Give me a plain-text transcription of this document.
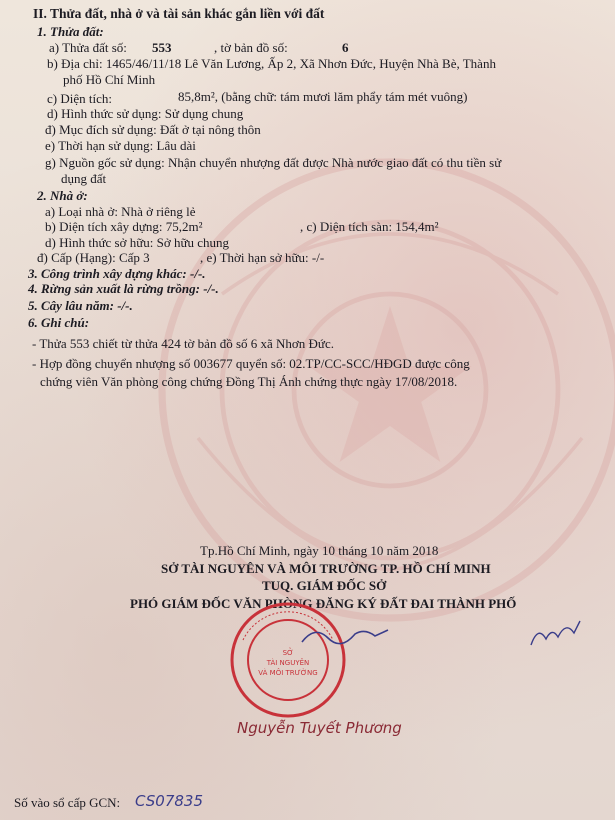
II. Thửa đất, nhà ở và tài sản khác gắn liền với đất
1. Thửa đất:
a) Thửa đất số: 553	, tờ bản đồ số:	6
b) Địa chỉ: 1465/46/11/18 Lê Văn Lương, Ấp 2, Xã Nhơn Đức, Huyện Nhà Bè, Thành
phố Hồ Chí Minh
c) Diện tích:	85,8m², (bằng chữ: tám mươi lăm phẩy tám mét vuông)
d) Hình thức sử dụng: Sử dụng chung
đ) Mục đích sử dụng: Đất ở tại nông thôn
e) Thời hạn sử dụng: Lâu dài
g) Nguồn gốc sử dụng: Nhận chuyển nhượng đất được Nhà nước giao đất có thu tiền sử
dụng đất
2. Nhà ở:
a) Loại nhà ở: Nhà ở riêng lẻ
b) Diện tích xây dựng: 75,2m²	, c) Diện tích sàn: 154,4m²
d) Hình thức sở hữu: Sở hữu chung
đ) Cấp (Hạng): Cấp 3	, e) Thời hạn sở hữu: -/-
3. Công trình xây dựng khác: -/-.
4. Rừng sản xuất là rừng trồng: -/-.
5. Cây lâu năm: -/-.
6. Ghi chú:
- Thửa 553 chiết từ thửa 424 tờ bản đồ số 6 xã Nhơn Đức.
- Hợp đồng chuyển nhượng số 003677 quyển số: 02.TP/CC-SCC/HĐGD được công
chứng viên Văn phòng công chứng Đồng Thị Ánh chứng thực ngày 17/08/2018.
Tp.Hồ Chí Minh, ngày 10 tháng 10 năm 2018
SỞ TÀI NGUYÊN VÀ MÔI TRƯỜNG TP. HỒ CHÍ MINH
TUQ. GIÁM ĐỐC SỞ
PHÓ GIÁM ĐỐC VĂN PHÒNG ĐĂNG KÝ ĐẤT ĐAI THÀNH PHỐ
SỞ
TÀI NGUYÊN
VÀ MÔI TRƯỜNG
Nguyễn Tuyết Phương
Số vào sổ cấp GCN: CS07835
